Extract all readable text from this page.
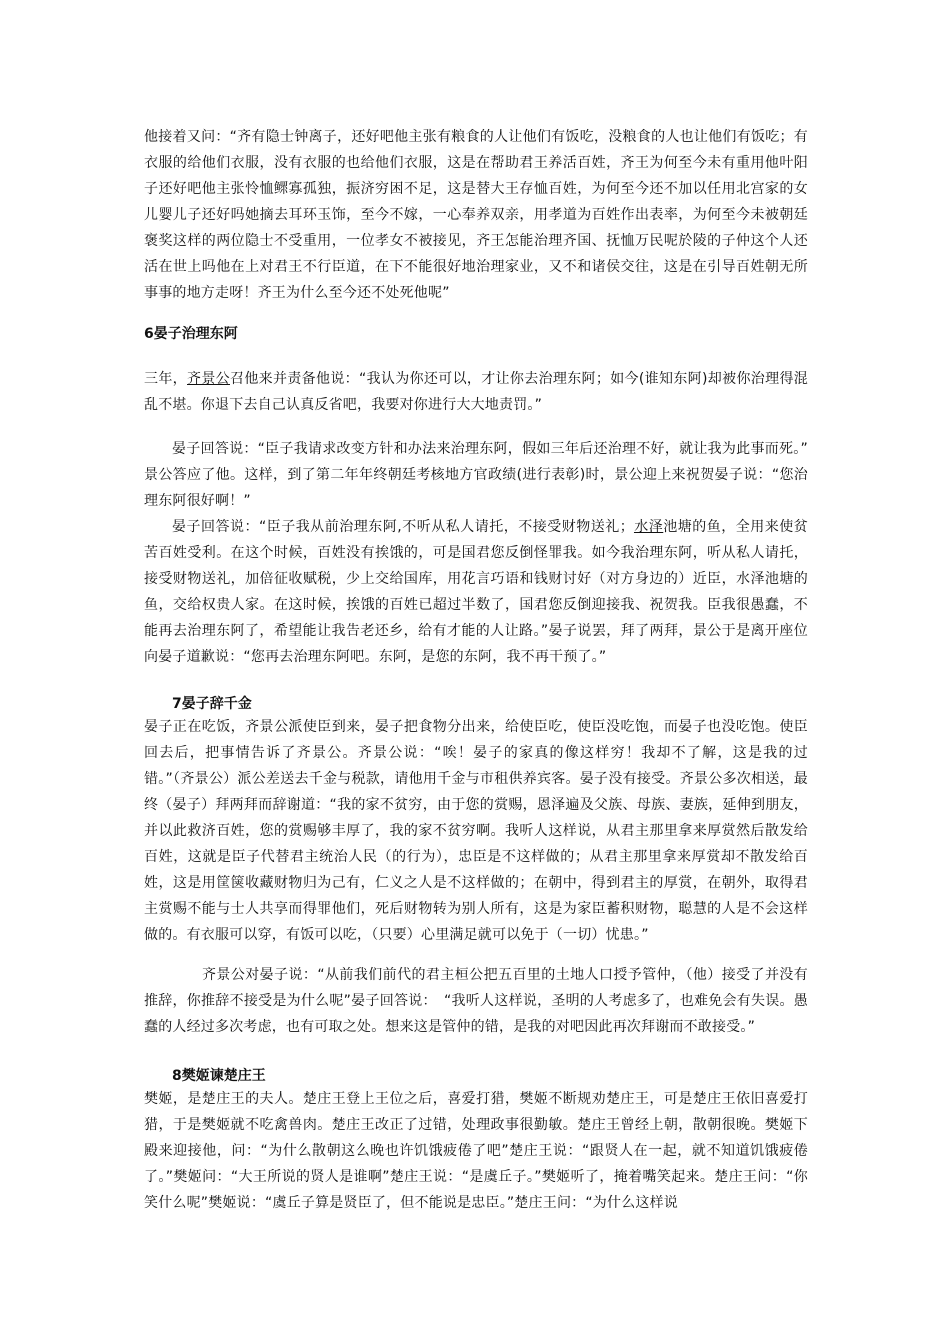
他接着又问：“齐有隐士钟离子，还好吧他主张有粮食的人让他们有饭吃，没粮食的人也让他们有饭吃；有衣服的给他们衣服，没有衣服的也给他们衣服，这是在帮助君王养活百姓，齐王为何至今未有重用他叶阳子还好吧他主张怜恤鳏寡孤独，振济穷困不足，这是替大王存恤百姓，为何至今还不加以任用北宫家的女儿婴儿子还好吗她摘去耳环玉饰，至今不嫁，一心奉养双亲，用孝道为百姓作出表率，为何至今未被朝廷褒奖这样的两位隐士不受重用，一位孝女不被接见，齐王怎能治理齐国、抚恤万民呢於陵的子仲这个人还活在世上吗他在上对君王不行臣道，在下不能很好地治理家业，又不和诸侯交往，这是在引导百姓朝无所事事的地方走呀！齐王为什么至今还不处死他呢”

6晏子治理东阿

三年，齐景公召他来并责备他说：“我认为你还可以，才让你去治理东阿；如今(谁知东阿)却被你治理得混乱不堪。你退下去自己认真反省吧，我要对你进行大大地责罚。”

晏子回答说：“臣子我请求改变方针和办法来治理东阿，假如三年后还治理不好，就让我为此事而死。”　景公答应了他。这样，到了第二年年终朝廷考核地方官政绩(进行表彰)时，景公迎上来祝贺晏子说：“您治理东阿很好啊！”

晏子回答说：“臣子我从前治理东阿,不听从私人请托，不接受财物送礼；水泽池塘的鱼，全用来使贫苦百姓受利。在这个时候，百姓没有挨饿的，可是国君您反倒怪罪我。如今我治理东阿，听从私人请托，接受财物送礼，加倍征收赋税，少上交给国库，用花言巧语和钱财讨好（对方身边的）近臣，水泽池塘的鱼，交给权贵人家。在这时候，挨饿的百姓已超过半数了，国君您反倒迎接我、祝贺我。臣我很愚蠢，不能再去治理东阿了，希望能让我告老还乡，给有才能的人让路。”晏子说罢，拜了两拜，景公于是离开座位向晏子道歉说：“您再去治理东阿吧。东阿，是您的东阿，我不再干预了。”

7晏子辞千金

晏子正在吃饭，齐景公派使臣到来，晏子把食物分出来，给使臣吃，使臣没吃饱，而晏子也没吃饱。使臣回去后，把事情告诉了齐景公。齐景公说：“唉！晏子的家真的像这样穷！我却不了解，这是我的过错。”（齐景公）派公差送去千金与税款，请他用千金与市租供养宾客。晏子没有接受。齐景公多次相送，最终（晏子）拜两拜而辞谢道：“我的家不贫穷，由于您的赏赐，恩泽遍及父族、母族、妻族，延伸到朋友，并以此救济百姓，您的赏赐够丰厚了，我的家不贫穷啊。我听人这样说，从君主那里拿来厚赏然后散发给百姓，这就是臣子代替君主统治人民（的行为），忠臣是不这样做的；从君主那里拿来厚赏却不散发给百姓，这是用筐箧收藏财物归为己有，仁义之人是不这样做的；在朝中，得到君主的厚赏，在朝外，取得君主赏赐不能与士人共享而得罪他们，死后财物转为别人所有，这是为家臣蓄积财物，聪慧的人是不会这样做的。有衣服可以穿，有饭可以吃，（只要）心里满足就可以免于（一切）忧患。”

齐景公对晏子说：“从前我们前代的君主桓公把五百里的土地人口授予管仲，（他）接受了并没有推辞，你推辞不接受是为什么呢”晏子回答说：　“我听人这样说，圣明的人考虑多了，也难免会有失误。愚蠢的人经过多次考虑，也有可取之处。想来这是管仲的错，是我的对吧因此再次拜谢而不敢接受。”

8樊姬谏楚庄王

樊姬，是楚庄王的夫人。楚庄王登上王位之后，喜爱打猎，樊姬不断规劝楚庄王，可是楚庄王依旧喜爱打猎，于是樊姬就不吃禽兽肉。楚庄王改正了过错，处理政事很勤敏。楚庄王曾经上朝，散朝很晚。樊姬下殿来迎接他，问：“为什么散朝这么晚也许饥饿疲倦了吧”楚庄王说：“跟贤人在一起，就不知道饥饿疲倦了。”樊姬问：“大王所说的贤人是谁啊”楚庄王说：“是虞丘子。”樊姬听了，掩着嘴笑起来。楚庄王问：“你笑什么呢”樊姬说：“虞丘子算是贤臣了，但不能说是忠臣。”楚庄王问：“为什么这样说
